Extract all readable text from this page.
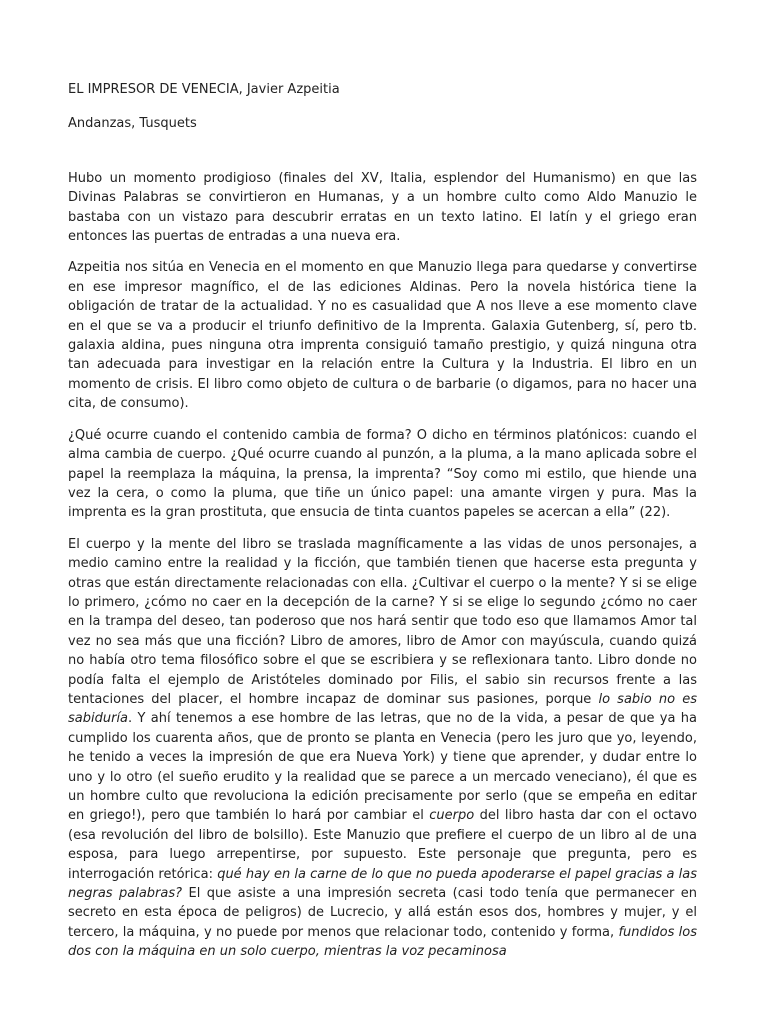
EL IMPRESOR DE VENECIA, Javier Azpeitia

Andanzas, Tusquets

Hubo un momento prodigioso (finales del XV, Italia, esplendor del Humanismo) en que las Divinas Palabras se convirtieron en Humanas, y a un hombre culto como Aldo Manuzio le bastaba con un vistazo para descubrir erratas en un texto latino. El latín y el griego eran entonces las puertas de entradas a una nueva era.

Azpeitia nos sitúa en Venecia en el momento en que Manuzio llega para quedarse y convertirse en ese impresor magnífico, el de las ediciones Aldinas. Pero la novela histórica tiene la obligación de tratar de la actualidad. Y no es casualidad que A nos lleve a ese momento clave en el que se va a producir el triunfo definitivo de la Imprenta. Galaxia Gutenberg, sí, pero tb. galaxia aldina, pues ninguna otra imprenta consiguió tamaño prestigio, y quizá ninguna otra tan adecuada para investigar en la relación entre la Cultura y la Industria. El libro en un momento de crisis. El libro como objeto de cultura o de barbarie (o digamos, para no hacer una cita, de consumo).

¿Qué ocurre cuando el contenido cambia de forma? O dicho en términos platónicos: cuando el alma cambia de cuerpo. ¿Qué ocurre cuando al punzón, a la pluma, a la mano aplicada sobre el papel la reemplaza la máquina, la prensa, la imprenta? “Soy como mi estilo, que hiende una vez la cera, o como la pluma, que tiñe un único papel: una amante virgen y pura. Mas la imprenta es la gran prostituta, que ensucia de tinta cuantos papeles se acercan a ella” (22).

El cuerpo y la mente del libro se traslada magníficamente a las vidas de unos personajes, a medio camino entre la realidad y la ficción, que también tienen que hacerse esta pregunta y otras que están directamente relacionadas con ella. ¿Cultivar el cuerpo o la mente? Y si se elige lo primero, ¿cómo no caer en la decepción de la carne? Y si se elige lo segundo ¿cómo no caer en la trampa del deseo, tan poderoso que nos hará sentir que todo eso que llamamos Amor tal vez no sea más que una ficción? Libro de amores, libro de Amor con mayúscula, cuando quizá no había otro tema filosófico sobre el que se escribiera y se reflexionara tanto. Libro donde no podía falta el ejemplo de Aristóteles dominado por Filis, el sabio sin recursos frente a las tentaciones del placer, el hombre incapaz de dominar sus pasiones, porque lo sabio no es sabiduría. Y ahí tenemos a ese hombre de las letras, que no de la vida, a pesar de que ya ha cumplido los cuarenta años, que de pronto se planta en Venecia (pero les juro que yo, leyendo, he tenido a veces la impresión de que era Nueva York) y tiene que aprender, y dudar entre lo uno y lo otro (el sueño erudito y la realidad que se parece a un mercado veneciano), él que es un hombre culto que revoluciona la edición precisamente por serlo (que se empeña en editar en griego!), pero que también lo hará por cambiar el cuerpo del libro hasta dar con el octavo (esa revolución del libro de bolsillo). Este Manuzio que prefiere el cuerpo de un libro al de una esposa, para luego arrepentirse, por supuesto. Este personaje que pregunta, pero es interrogación retórica: qué hay en la carne de lo que no pueda apoderarse el papel gracias a las negras palabras? El que asiste a una impresión secreta (casi todo tenía que permanecer en secreto en esta época de peligros) de Lucrecio, y allá están esos dos, hombres y mujer, y el tercero, la máquina, y no puede por menos que relacionar todo, contenido y forma, fundidos los dos con la máquina en un solo cuerpo, mientras la voz pecaminosa
